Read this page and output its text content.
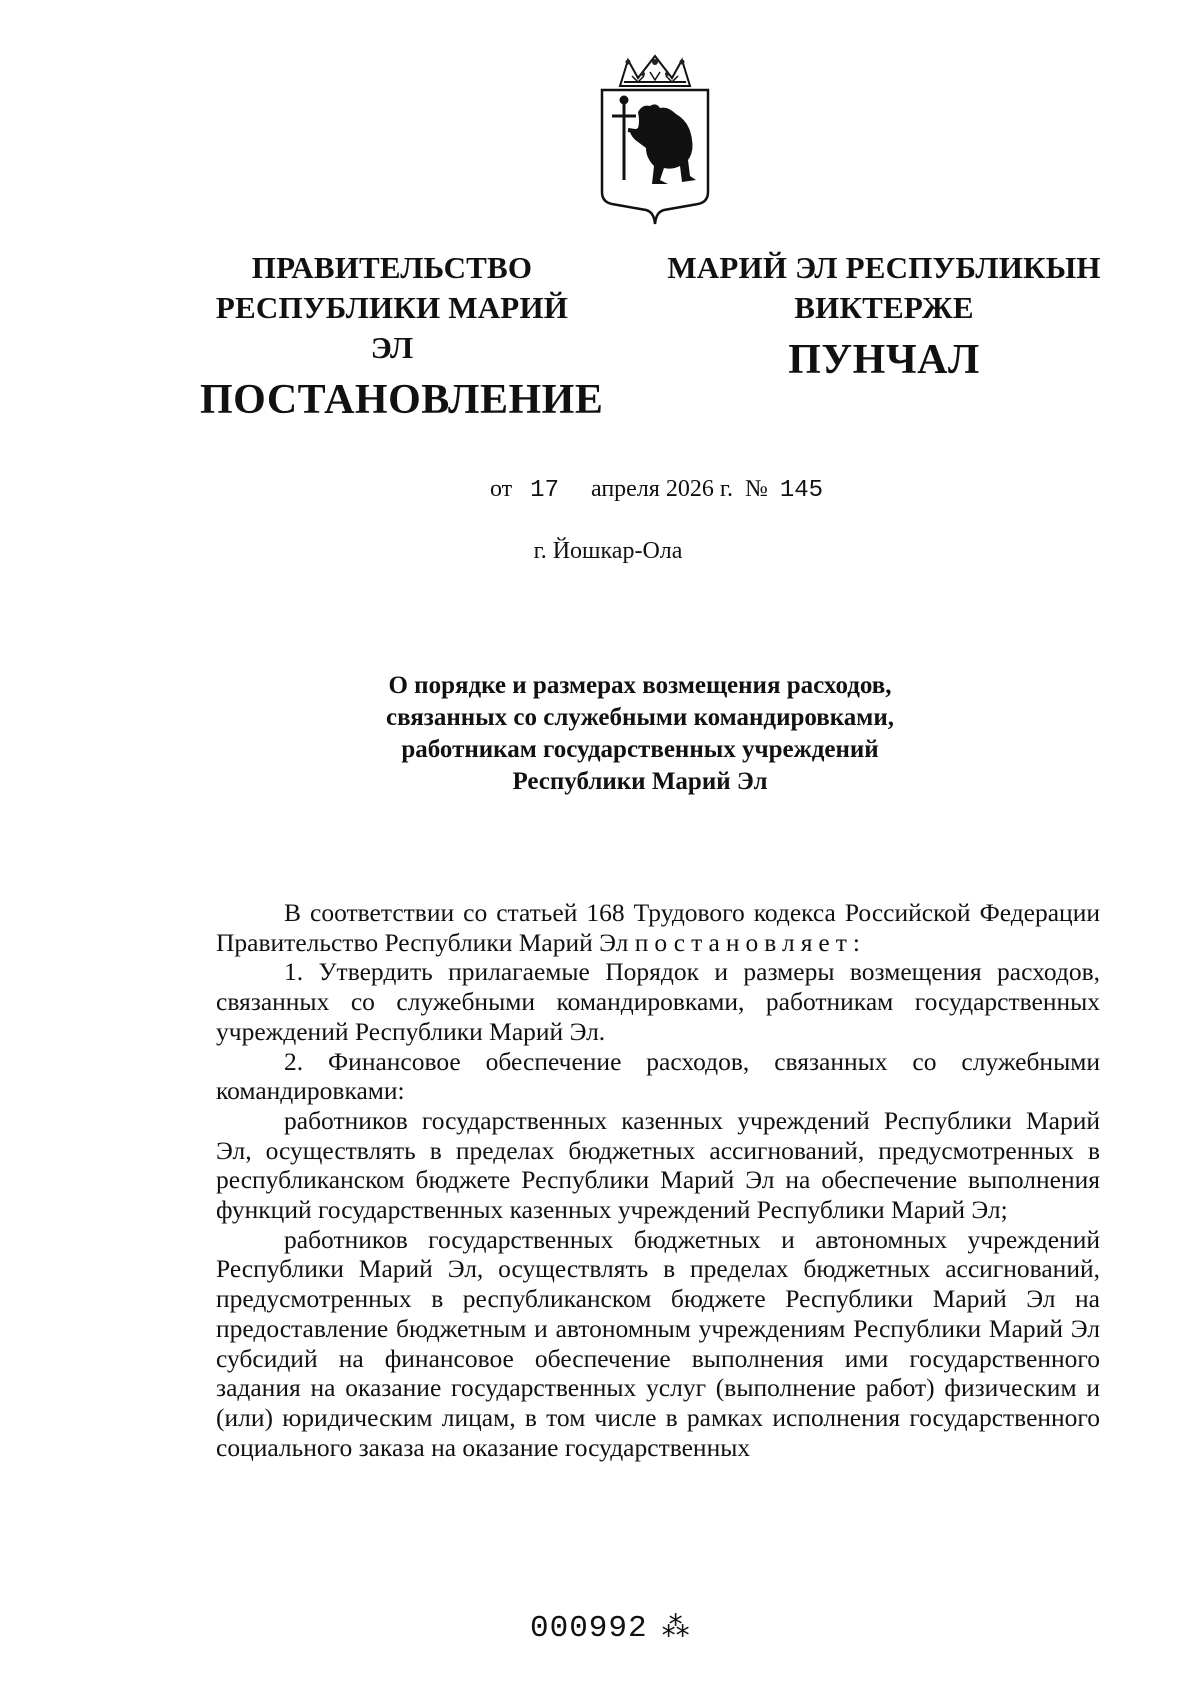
ПРАВИТЕЛЬСТВО
РЕСПУБЛИКИ МАРИЙ ЭЛ
ПОСТАНОВЛЕНИЕ
МАРИЙ ЭЛ РЕСПУБЛИКЫН
ВИКТЕРЖЕ
ПУНЧАЛ
от 17 апреля 2026 г. № 145
г. Йошкар-Ола
О порядке и размерах возмещения расходов,
связанных со служебными командировками,
работникам государственных учреждений
Республики Марий Эл

В соответствии со статьей 168 Трудового кодекса Российской Федерации Правительство Республики Марий Эл постановляет:

1. Утвердить прилагаемые Порядок и размеры возмещения расходов, связанных со служебными командировками, работникам государственных учреждений Республики Марий Эл.

2. Финансовое обеспечение расходов, связанных со служебными командировками:

работников государственных казенных учреждений Республики Марий Эл, осуществлять в пределах бюджетных ассигнований, предусмотренных в республиканском бюджете Республики Марий Эл на обеспечение выполнения функций государственных казенных учреждений Республики Марий Эл;

работников государственных бюджетных и автономных учреждений Республики Марий Эл, осуществлять в пределах бюджетных ассигнований, предусмотренных в республиканском бюджете Республики Марий Эл на предоставление бюджетным и автономным учреждениям Республики Марий Эл субсидий на финансовое обеспечение выполнения ими государственного задания на оказание государственных услуг (выполнение работ) физическим и (или) юридическим лицам, в том числе в рамках исполнения государственного социального заказа на оказание государственных

000992 ⁂
